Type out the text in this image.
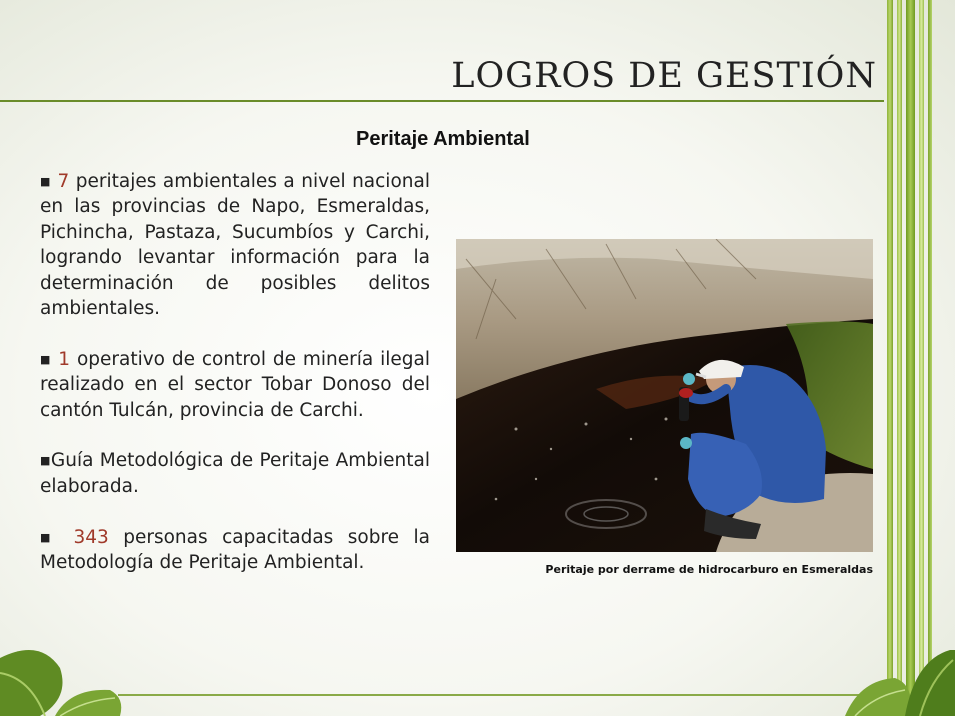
LOGROS DE GESTIÓN
Peritaje Ambiental

■ 7 peritajes ambientales a nivel nacional en las provincias de Napo, Esmeraldas, Pichincha, Pastaza, Sucumbíos y Carchi, logrando levantar información para la determinación de posibles delitos ambientales.

■ 1 operativo de control de minería ilegal realizado en el sector Tobar Donoso del cantón Tulcán, provincia de Carchi.

■Guía Metodológica de Peritaje Ambiental elaborada.

■ 343 personas capacitadas sobre la Metodología de Peritaje Ambiental.	Peritaje por derrame de hidrocarburo en Esmeraldas
